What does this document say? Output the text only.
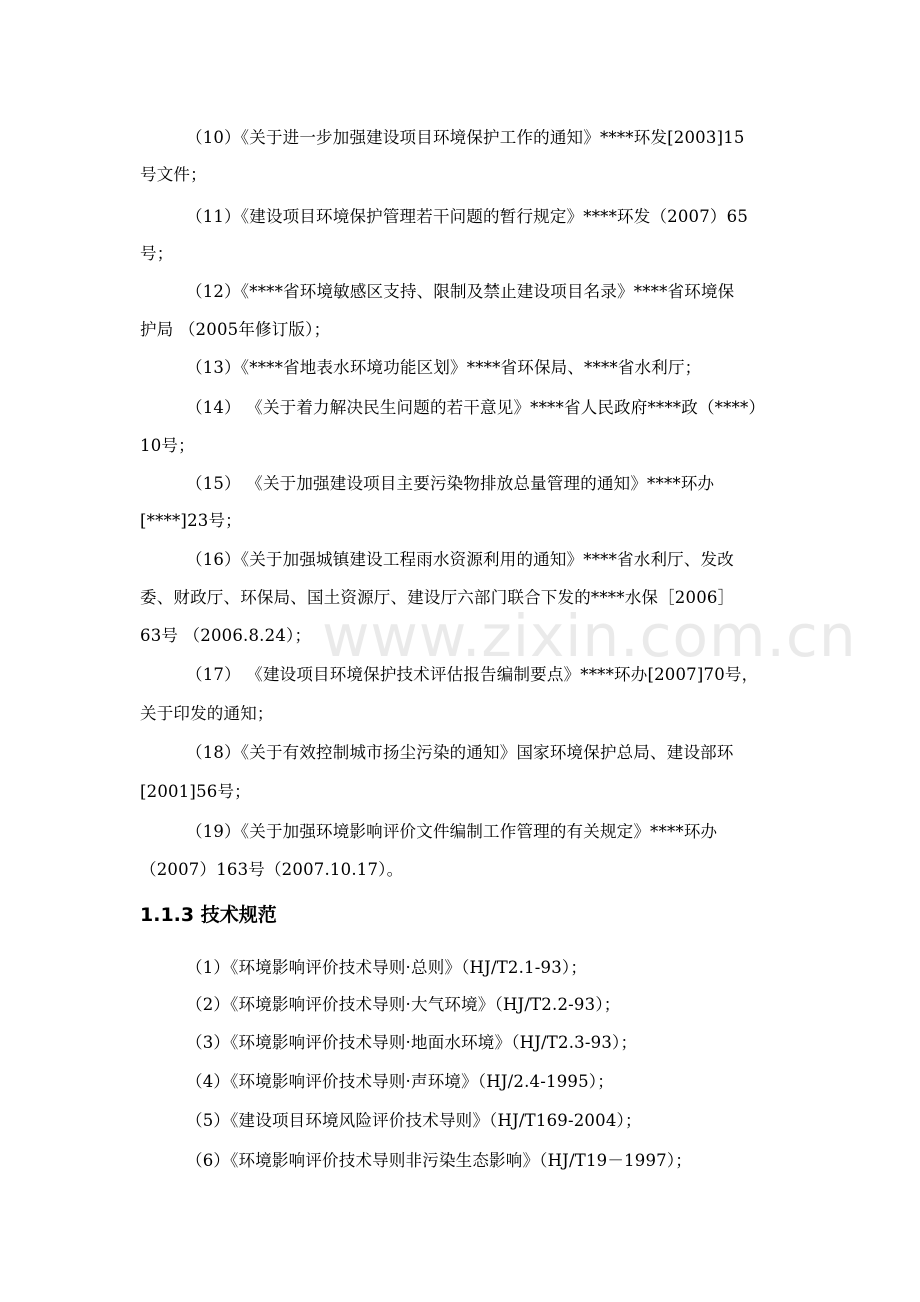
（10）《关于进一步加强建设项目环境保护工作的通知》****环发[2003]15
号文件；
（11）《建设项目环境保护管理若干问题的暂行规定》****环发（2007）65
号；
（12）《****省环境敏感区支持、限制及禁止建设项目名录》****省环境保
护局 （2005年修订版）；
（13）《****省地表水环境功能区划》****省环保局、****省水利厅；
（14） 《关于着力解决民生问题的若干意见》****省人民政府****政（****）
10号；
（15） 《关于加强建设项目主要污染物排放总量管理的通知》****环办
[****]23号；
（16）《关于加强城镇建设工程雨水资源利用的通知》****省水利厅、发改
委、财政厅、环保局、国土资源厅、建设厅六部门联合下发的****水保［2006］
63号 （2006.8.24）；
（17） 《建设项目环境保护技术评估报告编制要点》****环办[2007]70号，
关于印发的通知；
（18）《关于有效控制城市扬尘污染的通知》国家环境保护总局、建设部环
[2001]56号；
（19）《关于加强环境影响评价文件编制工作管理的有关规定》****环办
（2007）163号（2007.10.17）。
1.1.3 技术规范
（1）《环境影响评价技术导则·总则》（HJ/T2.1-93）；
（2）《环境影响评价技术导则·大气环境》（HJ/T2.2-93）；
（3）《环境影响评价技术导则·地面水环境》（HJ/T2.3-93）；
（4）《环境影响评价技术导则·声环境》（HJ/2.4-1995）；
（5）《建设项目环境风险评价技术导则》（HJ/T169-2004）；
（6）《环境影响评价技术导则非污染生态影响》（HJ/T19－1997）；
www.zixin.com.cn
